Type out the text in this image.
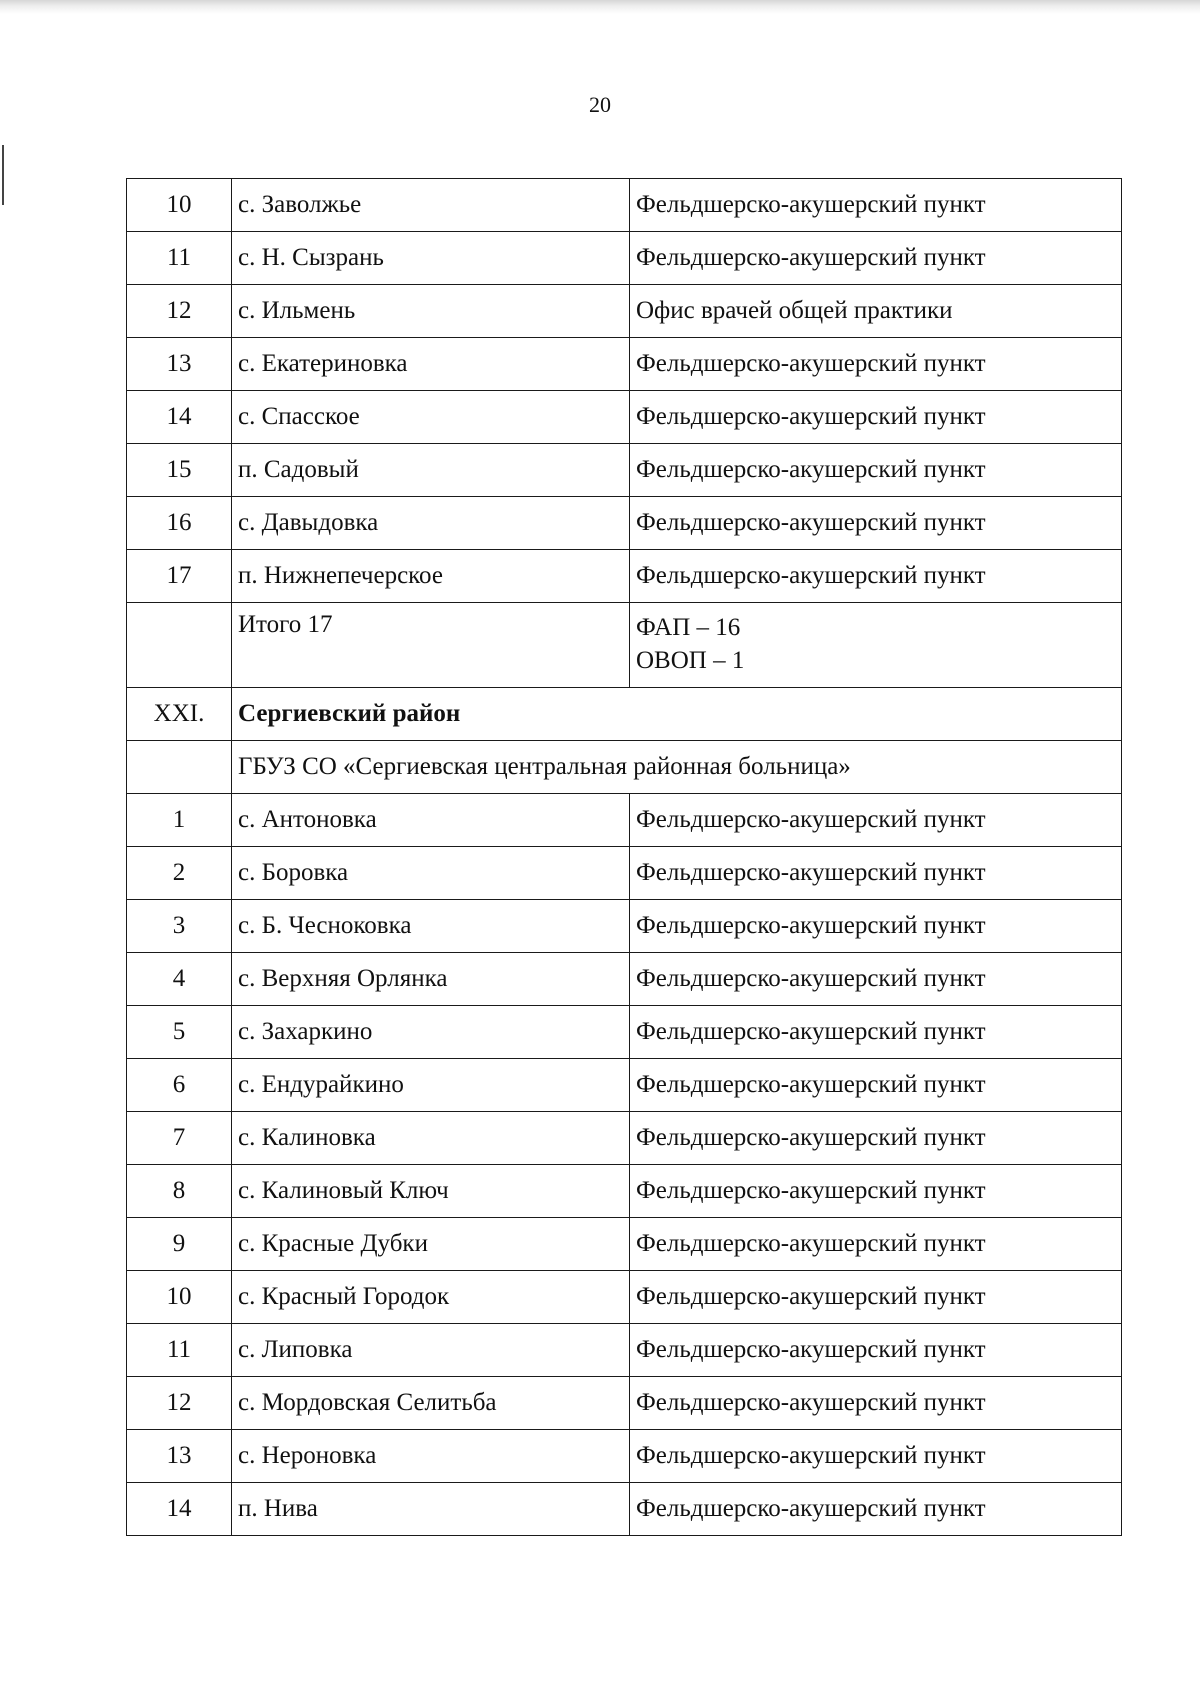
20
10	с. Заволжье	Фельдшерско-акушерский пункт
11	с. Н. Сызрань	Фельдшерско-акушерский пункт
12	с. Ильмень	Офис врачей общей практики
13	с. Екатериновка	Фельдшерско-акушерский пункт
14	с. Спасское	Фельдшерско-акушерский пункт
15	п. Садовый	Фельдшерско-акушерский пункт
16	с. Давыдовка	Фельдшерско-акушерский пункт
17	п. Нижнепечерское	Фельдшерско-акушерский пункт
	Итого 17	ФАП – 16
ОВОП – 1

XXI.	Сергиевский район	
	ГБУЗ СО «Сергиевская центральная районная больница»	
1	с. Антоновка	Фельдшерско-акушерский пункт
2	с. Боровка	Фельдшерско-акушерский пункт
3	с. Б. Чесноковка	Фельдшерско-акушерский пункт
4	с. Верхняя Орлянка	Фельдшерско-акушерский пункт
5	с. Захаркино	Фельдшерско-акушерский пункт
6	с. Ендурайкино	Фельдшерско-акушерский пункт
7	с. Калиновка	Фельдшерско-акушерский пункт
8	с. Калиновый Ключ	Фельдшерско-акушерский пункт
9	с. Красные Дубки	Фельдшерско-акушерский пункт
10	с. Красный Городок	Фельдшерско-акушерский пункт
11	с. Липовка	Фельдшерско-акушерский пункт
12	с. Мордовская Селитьба	Фельдшерско-акушерский пункт
13	с. Нероновка	Фельдшерско-акушерский пункт
14	п. Нива	Фельдшерско-акушерский пункт
